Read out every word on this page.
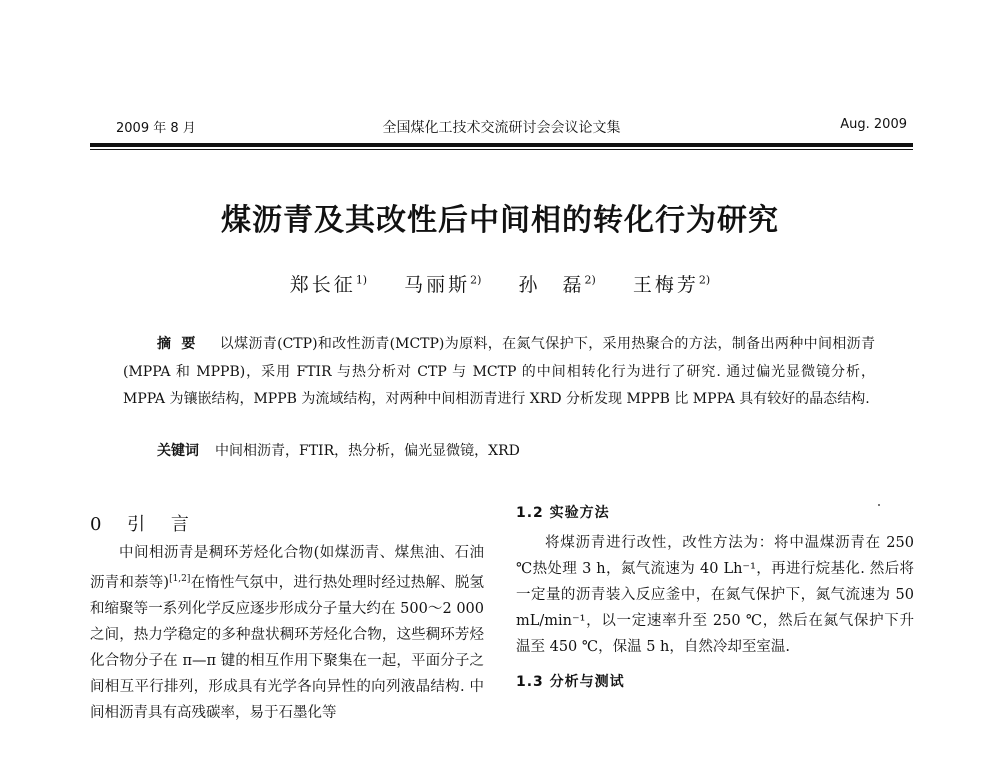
2009 年 8 月	全国煤化工技术交流研讨会会议论文集	Aug. 2009
煤沥青及其改性后中间相的转化行为研究
郑长征$^{1)}$ 马丽斯$^{2)}$ 孙　磊$^{2)}$ 王梅芳$^{2)}$
摘要 以煤沥青(CTP)和改性沥青(MCTP)为原料，在氮气保护下，采用热聚合的方法，制备出两种中间相沥青(MPPA 和 MPPB)，采用 FTIR 与热分析对 CTP 与 MCTP 的中间相转化行为进行了研究. 通过偏光显微镜分析，MPPA 为镶嵌结构，MPPB 为流域结构，对两种中间相沥青进行 XRD 分析发现 MPPB 比 MPPA 具有较好的晶态结构.
关键词 中间相沥青，FTIR，热分析，偏光显微镜，XRD
0 引 言

中间相沥青是稠环芳烃化合物(如煤沥青、煤焦油、石油沥青和萘等)[1,2]在惰性气氛中，进行热处理时经过热解、脱氢和缩聚等一系列化学反应逐步形成分子量大约在 500～2 000 之间，热力学稳定的多种盘状稠环芳烃化合物，这些稠环芳烃化合物分子在 π—π 键的相互作用下聚集在一起，平面分子之间相互平行排列，形成具有光学各向异性的向列液晶结构. 中间相沥青具有高残碳率，易于石墨化等

1.2 实验方法

将煤沥青进行改性，改性方法为：将中温煤沥青在 250 ℃热处理 3 h，氮气流速为 40 Lh⁻¹，再进行烷基化. 然后将一定量的沥青装入反应釜中，在氮气保护下，氮气流速为 50 mL/min⁻¹，以一定速率升至 250 ℃，然后在氮气保护下升温至 450 ℃，保温 5 h，自然冷却至室温.

1.3 分析与测试
